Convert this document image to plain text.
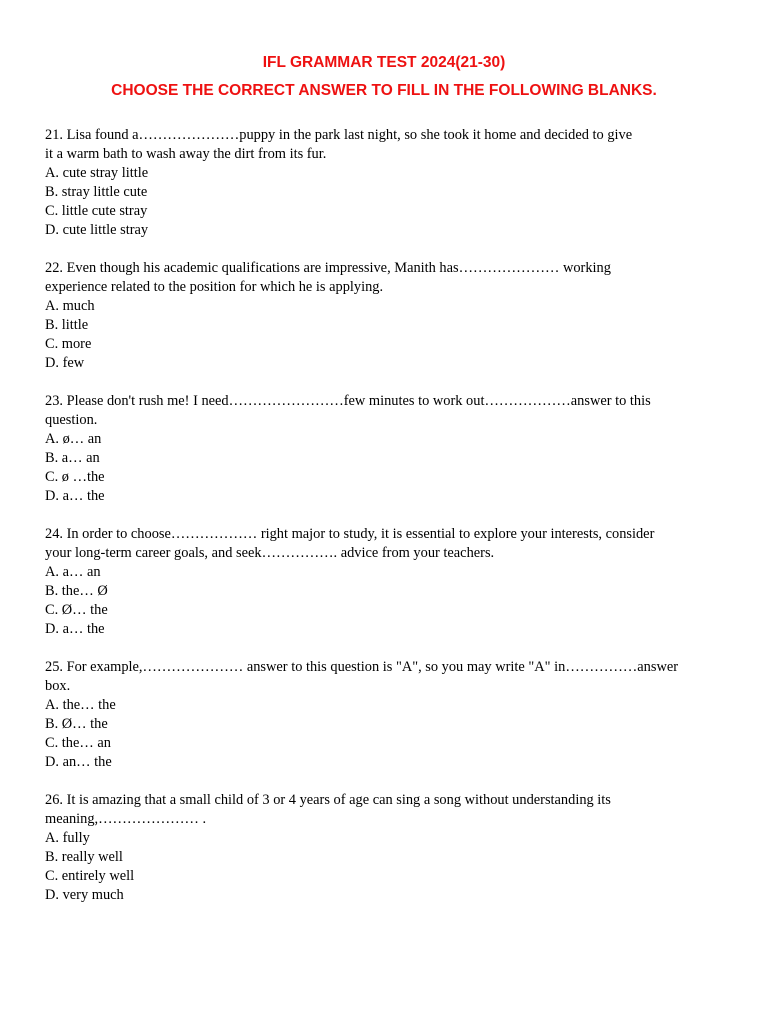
IFL GRAMMAR TEST 2024(21-30)
CHOOSE THE CORRECT ANSWER TO FILL IN THE FOLLOWING BLANKS.
21. Lisa found a…………………puppy in the park last night, so she took it home and decided to give
it a warm bath to wash away the dirt from its fur.
A. cute stray little
B. stray little cute
C. little cute stray
D. cute little stray
22. Even though his academic qualifications are impressive, Manith has………………… working
experience related to the position for which he is applying.
A. much
B. little
C. more
D. few
23. Please don't rush me! I need……………………few minutes to work out………………answer to this
question.
A. ø… an
B. a… an
C. ø …the
D. a… the
24. In order to choose……………… right major to study, it is essential to explore your interests, consider
your long-term career goals, and seek……………. advice from your teachers.
A. a… an
B. the… Ø
C. Ø… the
D. a… the
25. For example,………………… answer to this question is "A", so you may write "A" in……………answer
box.
A. the… the
B. Ø… the
C. the… an
D. an… the
26. It is amazing that a small child of 3 or 4 years of age can sing a song without understanding its
meaning,………………… .
A. fully
B. really well
C. entirely well
D. very much
